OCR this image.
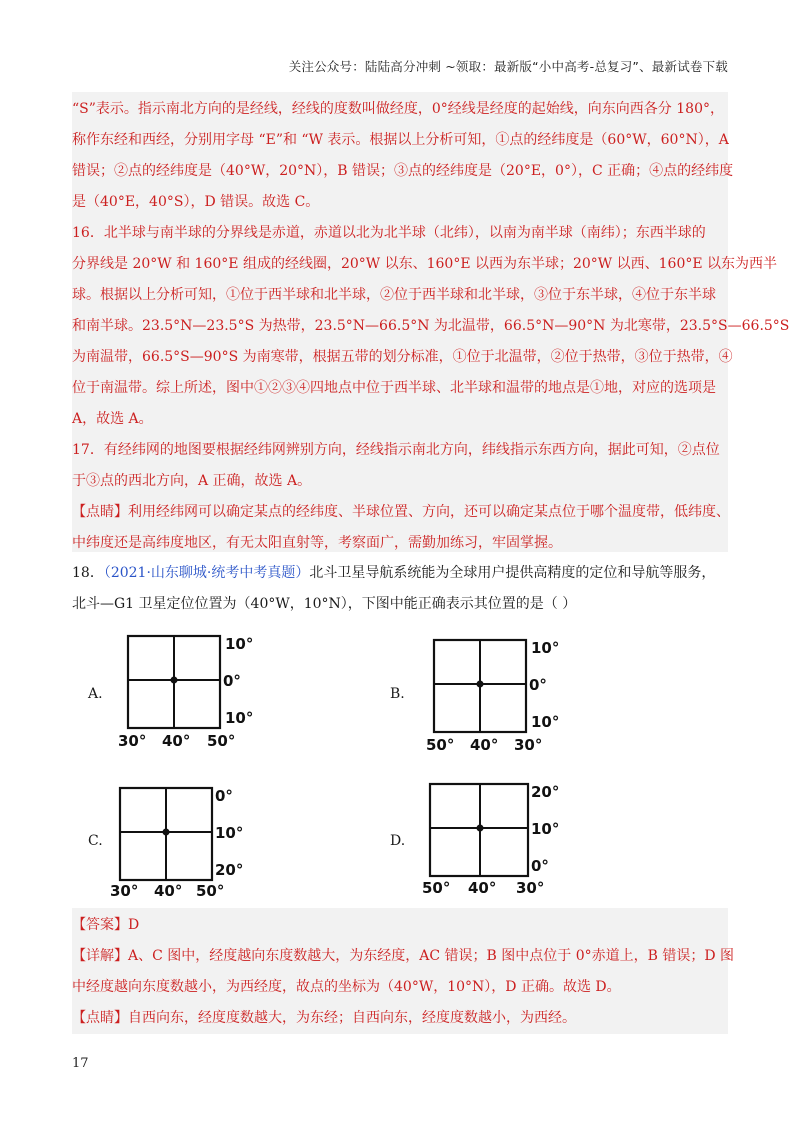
关注公众号：陆陆高分冲刺 ~领取：最新版“小中高考-总复习”、最新试卷下载
“S”表示。指示南北方向的是经线，经线的度数叫做经度，0°经线是经度的起始线，向东向西各分 180°，
称作东经和西经，分别用字母 “E”和 “W 表示。根据以上分析可知，①点的经纬度是（60°W，60°N），A
错误；②点的经纬度是（40°W，20°N），B 错误；③点的经纬度是（20°E，0°），C 正确；④点的经纬度
是（40°E，40°S），D 错误。故选 C。
16．北半球与南半球的分界线是赤道，赤道以北为北半球（北纬），以南为南半球（南纬）；东西半球的
分界线是 20°W 和 160°E 组成的经线圈，20°W 以东、160°E 以西为东半球；20°W 以西、160°E 以东为西半
球。根据以上分析可知，①位于西半球和北半球，②位于西半球和北半球，③位于东半球，④位于东半球
和南半球。23.5°N—23.5°S 为热带，23.5°N—66.5°N 为北温带，66.5°N—90°N 为北寒带，23.5°S—66.5°S
为南温带，66.5°S—90°S 为南寒带，根据五带的划分标准，①位于北温带，②位于热带，③位于热带，④
位于南温带。综上所述，图中①②③④四地点中位于西半球、北半球和温带的地点是①地，对应的选项是
A，故选 A。
17．有经纬网的地图要根据经纬网辨别方向，经线指示南北方向，纬线指示东西方向，据此可知，②点位
于③点的西北方向，A 正确，故选 A。
【点睛】利用经纬网可以确定某点的经纬度、半球位置、方向，还可以确定某点位于哪个温度带，低纬度、
中纬度还是高纬度地区，有无太阳直射等，考察面广，需勤加练习，牢固掌握。
18．（2021·山东聊城·统考中考真题）北斗卫星导航系统能为全球用户提供高精度的定位和导航等服务，
北斗—G1 卫星定位位置为（40°W，10°N），下图中能正确表示其位置的是（ ）
A.
10°
0°
10°
30° 40° 50°
B.
10°
0°
10°
50° 40° 30°
C.
0°
10°
20°
30° 40° 50°
D.
20°
10°
0°
50° 40° 30°
【答案】D
【详解】A、C 图中，经度越向东度数越大，为东经度，AC 错误；B 图中点位于 0°赤道上，B 错误；D 图
中经度越向东度数越小，为西经度，故点的坐标为（40°W，10°N），D 正确。故选 D。
【点睛】自西向东，经度度数越大，为东经；自西向东，经度度数越小，为西经。
17
